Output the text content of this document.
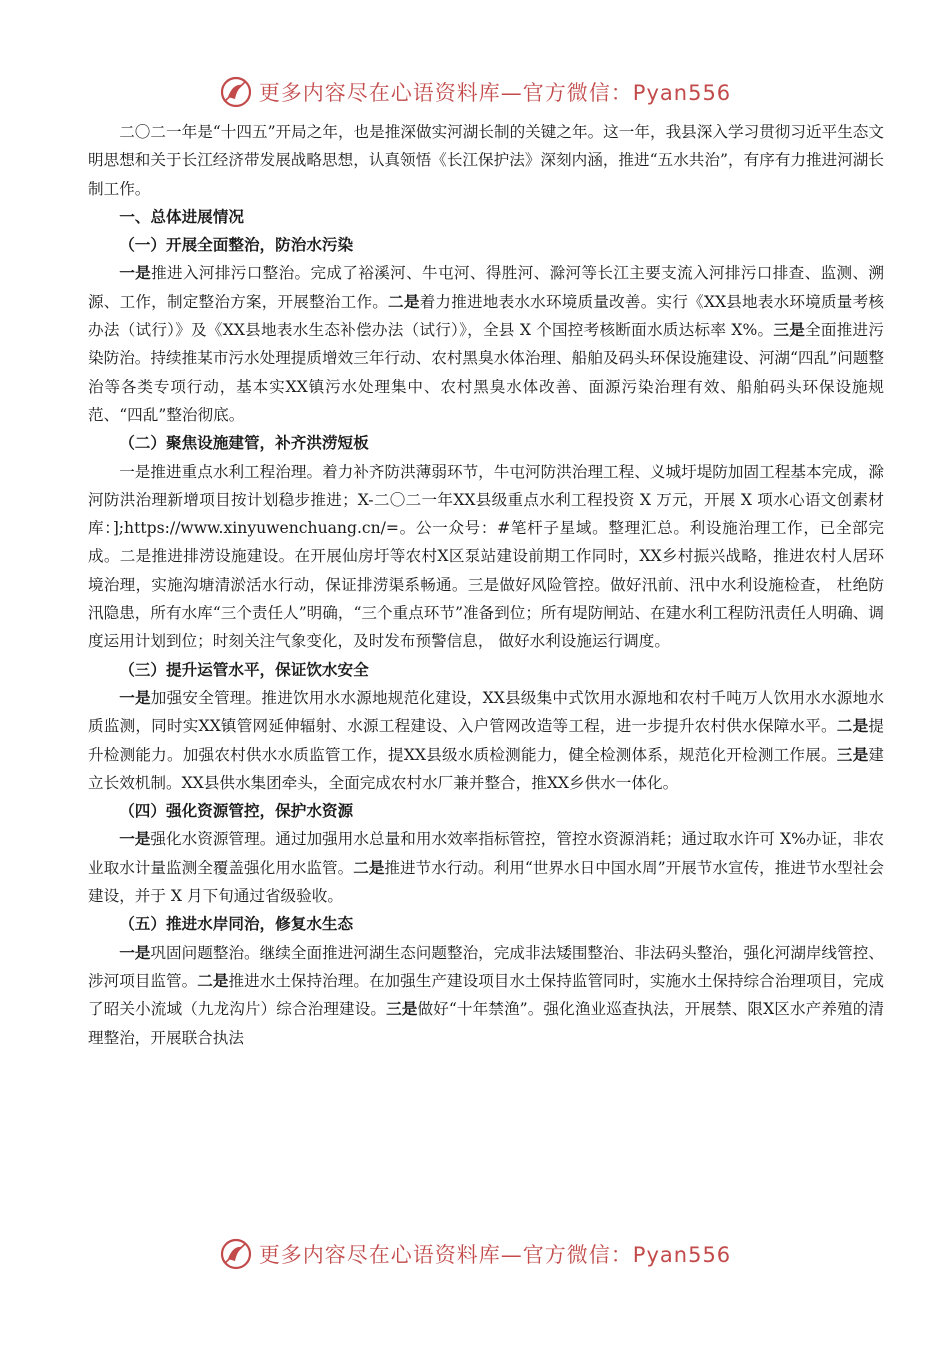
更多内容尽在心语资料库—官方微信：Pyan556

二〇二一年是“十四五”开局之年，也是推深做实河湖长制的关键之年。这一年，我县深入学习贯彻习近平生态文明思想和关于长江经济带发展战略思想，认真领悟《长江保护法》深刻内涵，推进“五水共治”，有序有力推进河湖长制工作。

一、总体进展情况

（一）开展全面整治，防治水污染

一是推进入河排污口整治。完成了裕溪河、牛屯河、得胜河、滁河等长江主要支流入河排污口排查、监测、溯源、工作，制定整治方案，开展整治工作。二是着力推进地表水水环境质量改善。实行《XX县地表水环境质量考核办法（试行）》及《XX县地表水生态补偿办法（试行）》，全县 X 个国控考核断面水质达标率 X%。三是全面推进污染防治。持续推某市污水处理提质增效三年行动、农村黑臭水体治理、船舶及码头环保设施建设、河湖“四乱”问题整治等各类专项行动，基本实XX镇污水处理集中、农村黑臭水体改善、面源污染治理有效、船舶码头环保设施规范、“四乱”整治彻底。

（二）聚焦设施建管，补齐洪涝短板

一是推进重点水利工程治理。着力补齐防洪薄弱环节，牛屯河防洪治理工程、义城圩堤防加固工程基本完成，滁河防洪治理新增项目按计划稳步推进；X-二〇二一年XX县级重点水利工程投资 X 万元，开展 X 项水心语文创素材库：];https://www.xinyuwenchuang.cn/=。公一众号：#笔杆子星域。整理汇总。利设施治理工作，已全部完成。二是推进排涝设施建设。在开展仙房圩等农村X区泵站建设前期工作同时，XX乡村振兴战略，推进农村人居环境治理，实施沟塘清淤活水行动，保证排涝渠系畅通。三是做好风险管控。做好汛前、汛中水利设施检查， 杜绝防汛隐患，所有水库“三个责任人”明确，“三个重点环节”准备到位；所有堤防闸站、在建水利工程防汛责任人明确、调度运用计划到位；时刻关注气象变化，及时发布预警信息， 做好水利设施运行调度。

（三）提升运管水平，保证饮水安全

一是加强安全管理。推进饮用水水源地规范化建设，XX县级集中式饮用水源地和农村千吨万人饮用水水源地水质监测，同时实XX镇管网延伸辐射、水源工程建设、入户管网改造等工程，进一步提升农村供水保障水平。二是提升检测能力。加强农村供水水质监管工作，提XX县级水质检测能力，健全检测体系，规范化开检测工作展。三是建立长效机制。XX县供水集团牵头，全面完成农村水厂兼并整合，推XX乡供水一体化。

（四）强化资源管控，保护水资源

一是强化水资源管理。通过加强用水总量和用水效率指标管控，管控水资源消耗；通过取水许可 X%办证，非农业取水计量监测全覆盖强化用水监管。二是推进节水行动。利用“世界水日中国水周”开展节水宣传，推进节水型社会建设，并于 X 月下旬通过省级验收。

（五）推进水岸同治，修复水生态

一是巩固问题整治。继续全面推进河湖生态问题整治，完成非法矮围整治、非法码头整治，强化河湖岸线管控、涉河项目监管。二是推进水土保持治理。在加强生产建设项目水土保持监管同时，实施水土保持综合治理项目，完成了昭关小流域（九龙沟片）综合治理建设。三是做好“十年禁渔”。强化渔业巡查执法，开展禁、限X区水产养殖的清理整治，开展联合执法

更多内容尽在心语资料库—官方微信：Pyan556
